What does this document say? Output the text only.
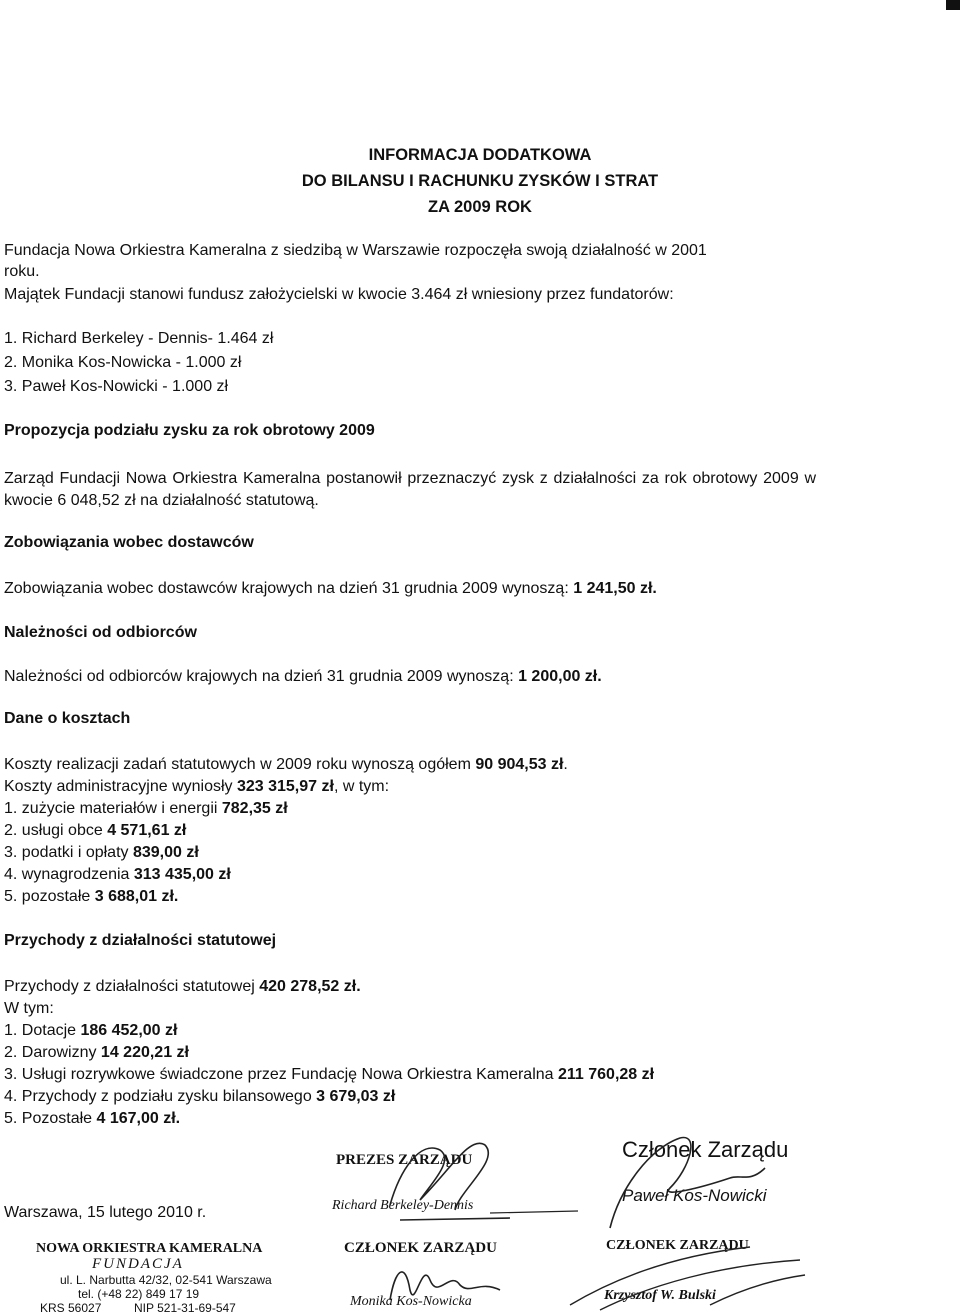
INFORMACJA DODATKOWA
DO BILANSU I RACHUNKU ZYSKÓW I STRAT
ZA 2009 ROK
Fundacja Nowa Orkiestra Kameralna z siedzibą w Warszawie rozpoczęła swoją działalność w 2001
roku.
Majątek Fundacji stanowi fundusz założycielski w kwocie 3.464 zł wniesiony przez fundatorów:
1. Richard Berkeley - Dennis- 1.464 zł
2. Monika Kos-Nowicka - 1.000 zł
3. Paweł Kos-Nowicki - 1.000 zł
Propozycja podziału zysku za rok obrotowy 2009
Zarząd Fundacji Nowa Orkiestra Kameralna postanowił przeznaczyć zysk z działalności za rok obrotowy 2009 w kwocie 6 048,52 zł na działalność statutową.
Zobowiązania wobec dostawców
Zobowiązania wobec dostawców krajowych na dzień 31 grudnia 2009 wynoszą: 1 241,50 zł.
Należności od odbiorców
Należności od odbiorców krajowych na dzień 31 grudnia 2009 wynoszą: 1 200,00 zł.
Dane o kosztach
Koszty realizacji zadań statutowych w 2009 roku wynoszą ogółem 90 904,53 zł.
Koszty administracyjne wyniosły 323 315,97 zł, w tym:
1. zużycie materiałów i energii 782,35 zł
2. usługi obce 4 571,61 zł
3. podatki i opłaty 839,00 zł
4. wynagrodzenia 313 435,00 zł
5. pozostałe 3 688,01 zł.
Przychody z działalności statutowej
Przychody z działalności statutowej 420 278,52 zł.
W tym:
1. Dotacje 186 452,00 zł
2. Darowizny 14 220,21 zł
3. Usługi rozrywkowe świadczone przez Fundację Nowa Orkiestra Kameralna 211 760,28 zł
4. Przychody z podziału zysku bilansowego 3 679,03 zł
5. Pozostałe 4 167,00 zł.
Warszawa, 15 lutego 2010 r.
NOWA ORKIESTRA KAMERALNA
FUNDACJA
ul. L. Narbutta 42/32, 02-541 Warszawa
tel. (+48 22) 849 17 19
KRS 56027	NIP 521-31-69-547
PREZES ZARZĄDU
Richard Berkeley-Dennis
CZŁONEK ZARZĄDU
Monika Kos-Nowicka
Członek Zarządu
Paweł Kos-Nowicki
CZŁONEK ZARZĄDU
Krzysztof W. Bulski
